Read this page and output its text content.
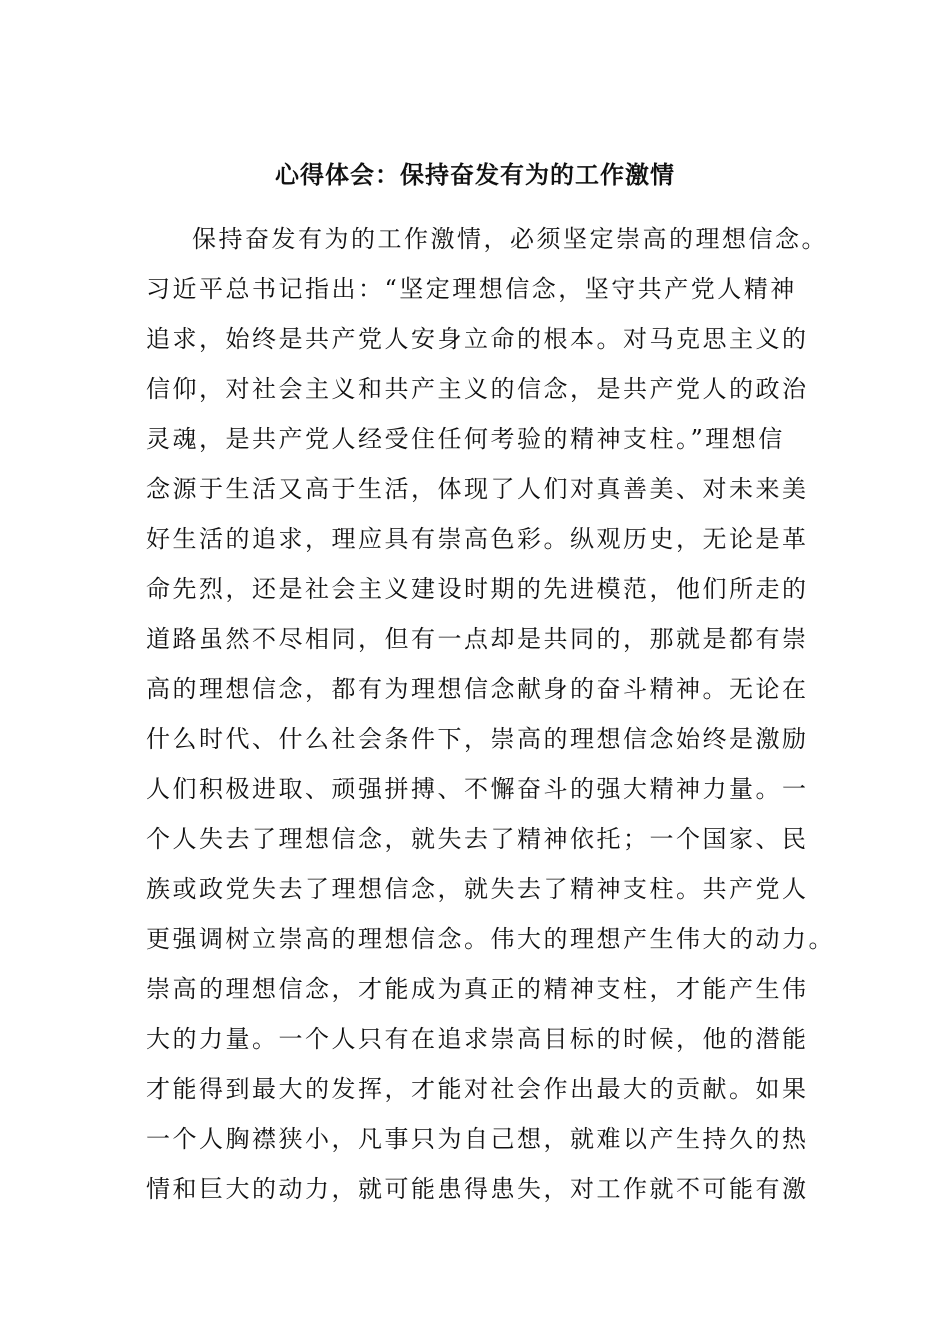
心得体会：保持奋发有为的工作激情
保持奋发有为的工作激情，必须坚定崇高的理想信念。
习近平总书记指出：“坚定理想信念，坚守共产党人精神
追求，始终是共产党人安身立命的根本。对马克思主义的
信仰，对社会主义和共产主义的信念，是共产党人的政治
灵魂，是共产党人经受住任何考验的精神支柱。”理想信
念源于生活又高于生活，体现了人们对真善美、对未来美
好生活的追求，理应具有崇高色彩。纵观历史，无论是革
命先烈，还是社会主义建设时期的先进模范，他们所走的
道路虽然不尽相同，但有一点却是共同的，那就是都有崇
高的理想信念，都有为理想信念献身的奋斗精神。无论在
什么时代、什么社会条件下，崇高的理想信念始终是激励
人们积极进取、顽强拼搏、不懈奋斗的强大精神力量。一
个人失去了理想信念，就失去了精神依托；一个国家、民
族或政党失去了理想信念，就失去了精神支柱。共产党人
更强调树立崇高的理想信念。伟大的理想产生伟大的动力。
崇高的理想信念，才能成为真正的精神支柱，才能产生伟
大的力量。一个人只有在追求崇高目标的时候，他的潜能
才能得到最大的发挥，才能对社会作出最大的贡献。如果
一个人胸襟狭小，凡事只为自己想，就难以产生持久的热
情和巨大的动力，就可能患得患失，对工作就不可能有激
